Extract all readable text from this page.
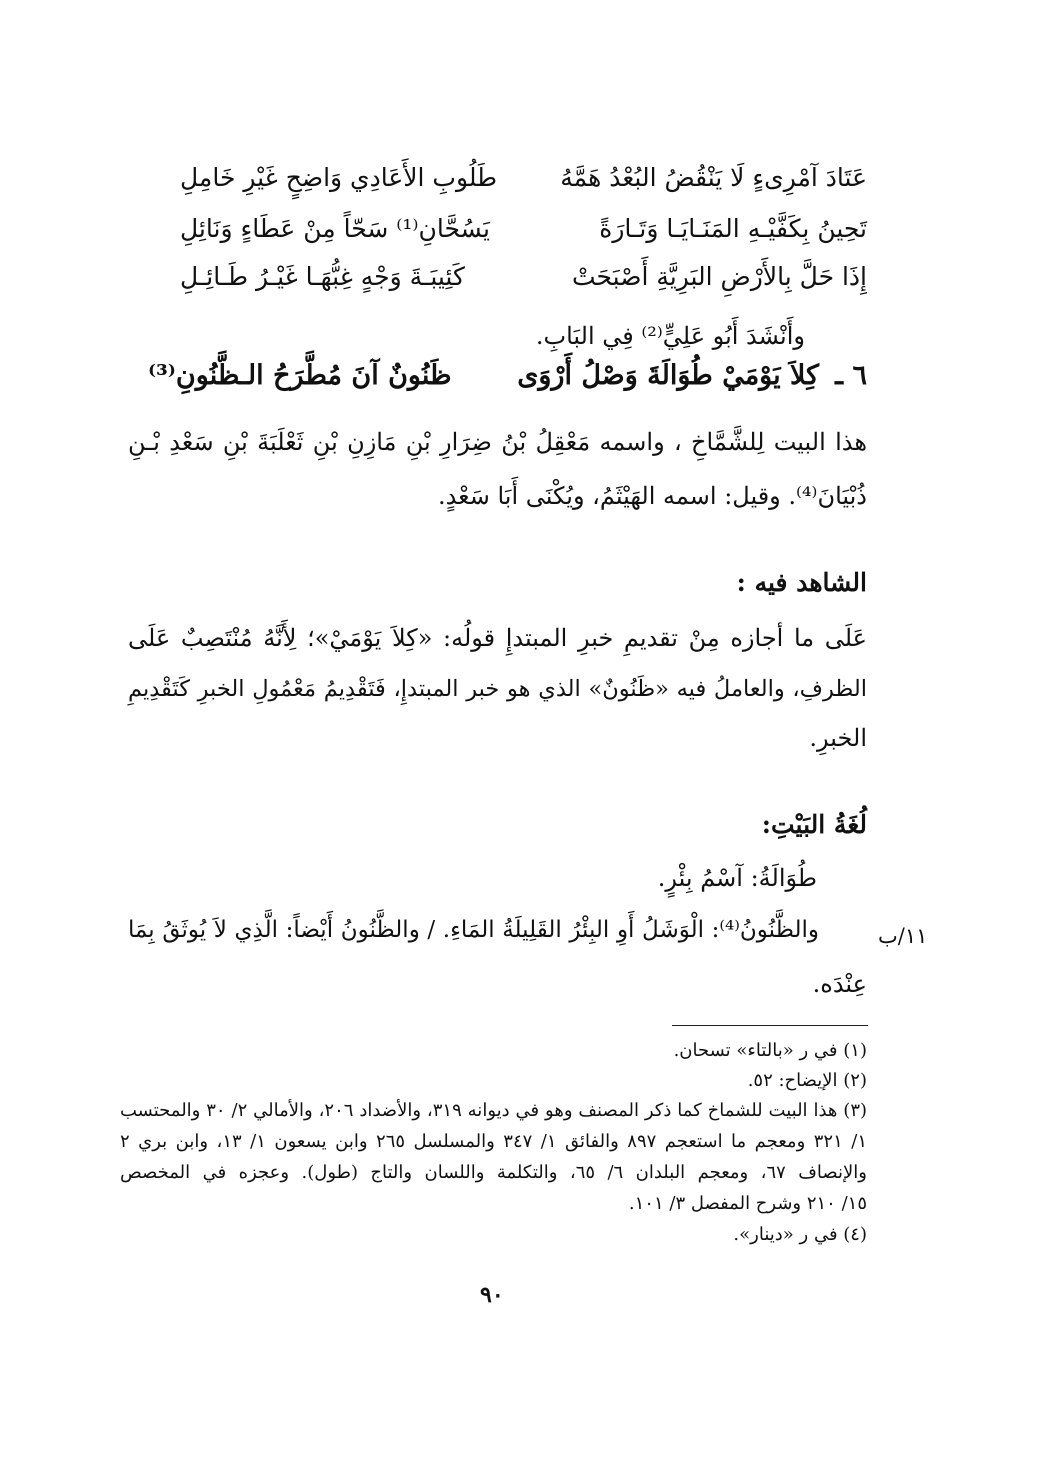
عَتَادَ آمْرِىءٍ لَا يَنْقُضُ البُعْدُ هَمَّهُ
طَلُوبِ الأَعَادِي وَاضِحٍ غَيْرِ خَامِلِ
تَحِينُ بِكَفَّيْـهِ المَنَـايَـا وَتَـارَةً
يَسُحَّانِ⁽¹⁾ سَحّاً مِنْ عَطَاءٍ وَنَائِلِ
إِذَا حَلَّ بِالأَرْضِ البَرِيَّةِ أَصْبَحَتْ
كَئِيبَـةَ وَجْهٍ غِبُّهَـا غَيْـرُ طَـائِـلِ
وأَنْشَدَ أَبُو عَلِيٍّ⁽²⁾ فِي البَابِ.
٦ ـ
كِلاَ يَوْمَيْ طُوَالَةَ وَصْلُ أَرْوَى
ظَنُونٌ آنَ مُطَّرَحُ الـظَّنُونِ⁽³⁾
هذا البيت لِلشَّمَّاخِ ، واسمه مَعْقِلُ بْنُ ضِرَارِ بْنِ مَازِنِ بْنِ ثَعْلَبَةَ بْنِ سَعْدِ بْـنِ
ذُبْيَانَ⁽⁴⁾. وقيل: اسمه الهَيْثَمُ، ويُكْنَى أَبَا سَعْدٍ.
الشاهد فيه :
عَلَى ما أجازه مِنْ تقديمِ خبرِ المبتدإِ قولُه: «كِلاَ يَوْمَيْ»؛ لِأَنَّهُ مُنْتَصِبٌ عَلَى
الظرفِ، والعاملُ فيه «ظَنُونٌ» الذي هو خبر المبتدإِ، فَتَقْدِيمُ مَعْمُولِ الخبرِ كَتَقْدِيمِ
الخبرِ.
لُغَةُ البَيْتِ:
طُوَالَةُ: آسْمُ بِئْرٍ.
١١/ب
والظَّنُونُ⁽⁴⁾: الْوَشَلُ أَوِ البِئْرُ القَلِيلَةُ المَاءِ. / والظَّنُونُ أَيْضاً: الَّذِي لاَ يُوثَقُ بِمَا
عِنْدَه.
(١) في ر «بالتاء» تسحان.
(٢) الإيضاح: ٥٢.
(٣) هذا البيت للشماخ كما ذكر المصنف وهو في ديوانه ٣١٩، والأضداد ٢٠٦، والأمالي ٢/ ٣٠ والمحتسب
١/ ٣٢١ ومعجم ما استعجم ٨٩٧ والفائق ١/ ٣٤٧ والمسلسل ٢٦٥ وابن يسعون ١/ ١٣، وابن بري ٢
والإنصاف ٦٧، ومعجم البلدان ٦/ ٦٥، والتكلمة واللسان والتاج (طول). وعجزه في المخصص
١٥/ ٢١٠ وشرح المفصل ٣/ ١٠١.
(٤) في ر «دينار».
٩٠
